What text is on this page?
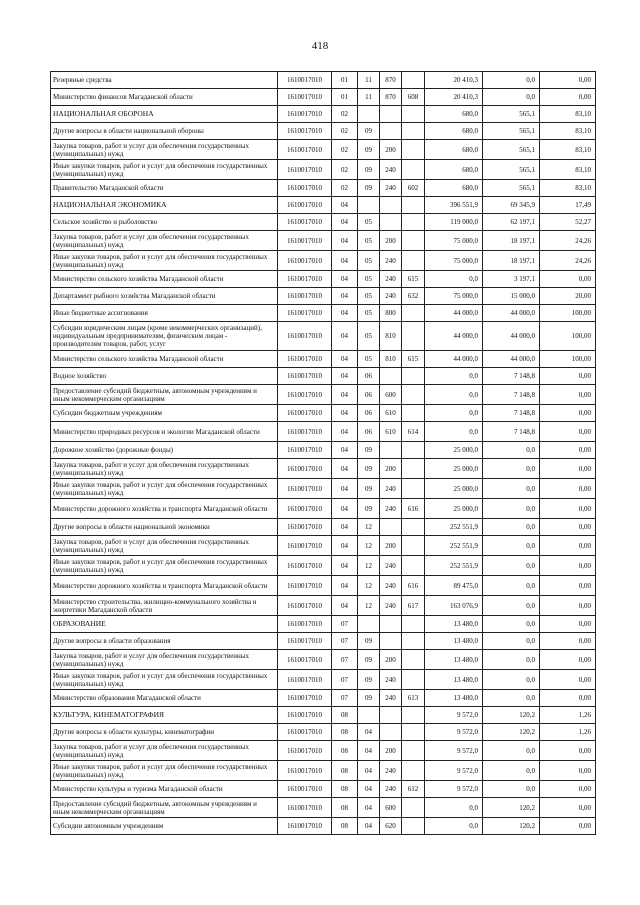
418
Резервные средства	1610017010	01	11	870		20 410,3	0,0	0,00
Министерство финансов Магаданской области	1610017010	01	11	870	608	20 410,3	0,0	0,00
НАЦИОНАЛЬНАЯ ОБОРОНА	1610017010	02				680,0	565,1	83,10
Другие вопросы в области национальной обороны	1610017010	02	09			680,0	565,1	83,10
Закупка товаров, работ и услуг для обеспечения государственных (муниципальных) нужд	1610017010	02	09	200		680,0	565,1	83,10
Иные закупки товаров, работ и услуг для обеспечения государственных (муниципальных) нужд	1610017010	02	09	240		680,0	565,1	83,10
Правительство Магаданской области	1610017010	02	09	240	602	680,0	565,1	83,10
НАЦИОНАЛЬНАЯ ЭКОНОМИКА	1610017010	04				396 551,9	69 345,9	17,49
Сельское хозяйство и рыболовство	1610017010	04	05			119 000,0	62 197,1	52,27
Закупка товаров, работ и услуг для обеспечения государственных (муниципальных) нужд	1610017010	04	05	200		75 000,0	18 197,1	24,26
Иные закупки товаров, работ и услуг для обеспечения государственных (муниципальных) нужд	1610017010	04	05	240		75 000,0	18 197,1	24,26
Министерство сельского хозяйства Магаданской области	1610017010	04	05	240	615	0,0	3 197,1	0,00
Департамент рыбного хозяйства Магаданской области	1610017010	04	05	240	632	75 000,0	15 000,0	20,00
Иные бюджетные ассигнования	1610017010	04	05	800		44 000,0	44 000,0	100,00
Субсидии юридическим лицам (кроме некоммерческих организаций), индивидуальным предпринимателям, физическим лицам - производителям товаров, работ, услуг	1610017010	04	05	810		44 000,0	44 000,0	100,00
Министерство сельского хозяйства Магаданской области	1610017010	04	05	810	615	44 000,0	44 000,0	100,00
Водное хозяйство	1610017010	04	06			0,0	7 148,8	0,00
Предоставление субсидий бюджетным, автономным учреждениям и иным некоммерческим организациям	1610017010	04	06	600		0,0	7 148,8	0,00
Субсидии бюджетным учреждениям	1610017010	04	06	610		0,0	7 148,8	0,00
Министерство природных ресурсов и экологии Магаданской области	1610017010	04	06	610	614	0,0	7 148,8	0,00
Дорожное хозяйство (дорожные фонды)	1610017010	04	09			25 000,0	0,0	0,00
Закупка товаров, работ и услуг для обеспечения государственных (муниципальных) нужд	1610017010	04	09	200		25 000,0	0,0	0,00
Иные закупки товаров, работ и услуг для обеспечения государственных (муниципальных) нужд	1610017010	04	09	240		25 000,0	0,0	0,00
Министерство дорожного хозяйства и транспорта Магаданской области	1610017010	04	09	240	616	25 000,0	0,0	0,00
Другие вопросы в области национальной экономики	1610017010	04	12			252 551,9	0,0	0,00
Закупка товаров, работ и услуг для обеспечения государственных (муниципальных) нужд	1610017010	04	12	200		252 551,9	0,0	0,00
Иные закупки товаров, работ и услуг для обеспечения государственных (муниципальных) нужд	1610017010	04	12	240		252 551,9	0,0	0,00
Министерство дорожного хозяйства и транспорта Магаданской области	1610017010	04	12	240	616	89 475,0	0,0	0,00
Министерство строительства, жилищно-коммунального хозяйства и энергетики Магаданской области	1610017010	04	12	240	617	163 076,9	0,0	0,00
ОБРАЗОВАНИЕ	1610017010	07				13 480,0	0,0	0,00
Другие вопросы в области образования	1610017010	07	09			13 480,0	0,0	0,00
Закупка товаров, работ и услуг для обеспечения государственных (муниципальных) нужд	1610017010	07	09	200		13 480,0	0,0	0,00
Иные закупки товаров, работ и услуг для обеспечения государственных (муниципальных) нужд	1610017010	07	09	240		13 480,0	0,0	0,00
Министерство образования Магаданской области	1610017010	07	09	240	613	13 480,0	0,0	0,00
КУЛЬТУРА, КИНЕМАТОГРАФИЯ	1610017010	08				9 572,0	120,2	1,26
Другие вопросы в области культуры, кинематографии	1610017010	08	04			9 572,0	120,2	1,26
Закупка товаров, работ и услуг для обеспечения государственных (муниципальных) нужд	1610017010	08	04	200		9 572,0	0,0	0,00
Иные закупки товаров, работ и услуг для обеспечения государственных (муниципальных) нужд	1610017010	08	04	240		9 572,0	0,0	0,00
Министерство культуры и туризма Магаданской области	1610017010	08	04	240	612	9 572,0	0,0	0,00
Предоставление субсидий бюджетным, автономным учреждениям и иным некоммерческим организациям	1610017010	08	04	600		0,0	120,2	0,00
Субсидии автономным учреждениям	1610017010	08	04	620		0,0	120,2	0,00
